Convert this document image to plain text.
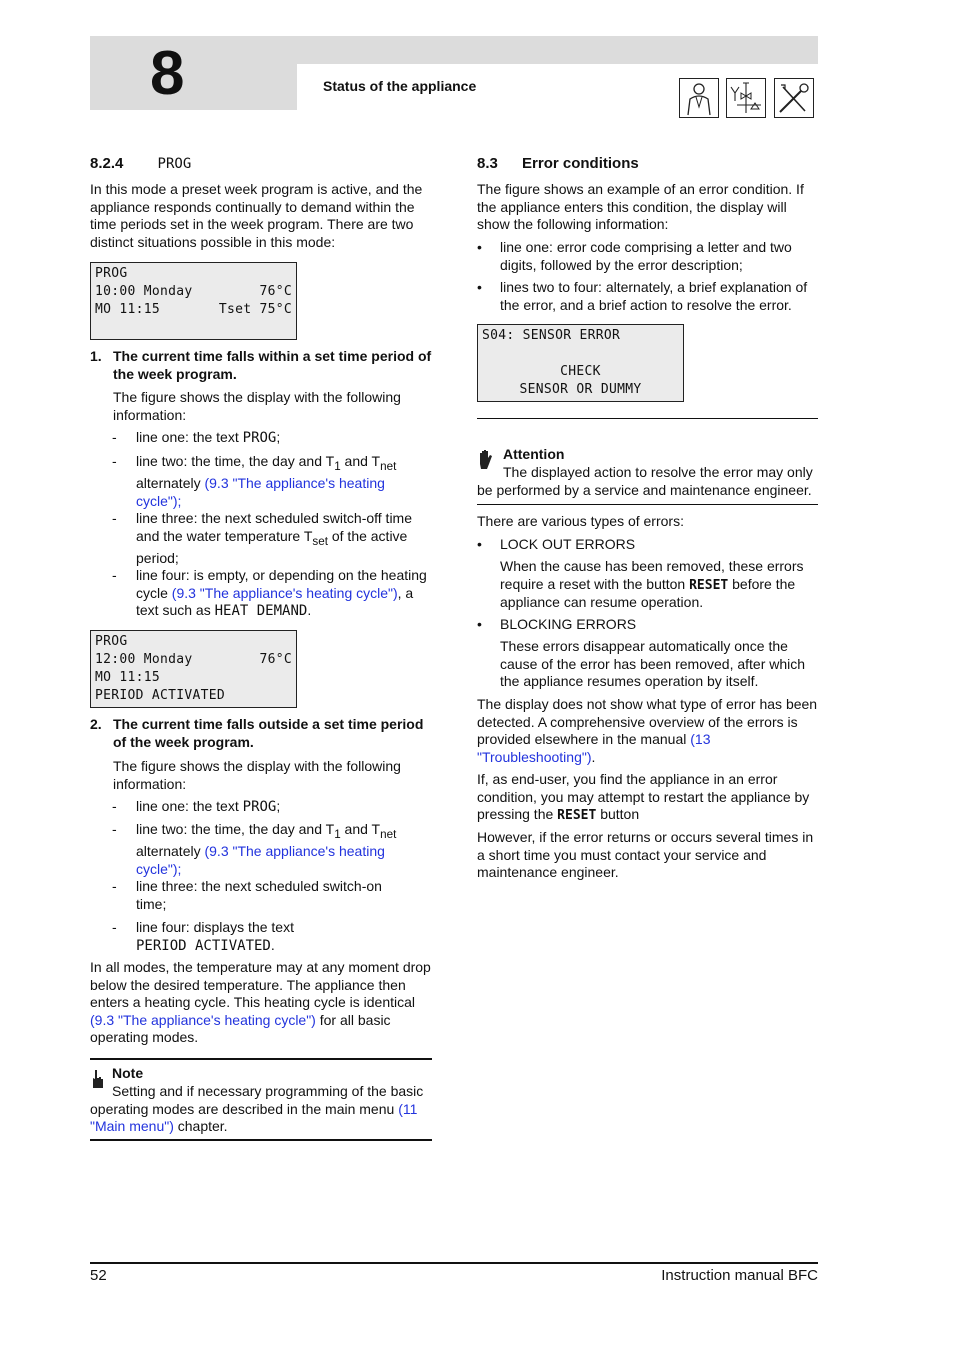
8	Status of the appliance
8.2.4 PROG

In this mode a preset week program is active, and the appliance responds continually to demand within the time periods set in the week program. There are two distinct situations possible in this mode:

PROG
10:00 Monday	76°C
MO 11:15	Tset 75°C
1. The current time falls within a set time period of the week program.

The figure shows the display with the following information:

- line one: the text PROG;

- line two: the time, the day and $T_1$ and $T_{net}$ alternately (9.3 "The appliance's heating cycle");

- line three: the next scheduled switch-off time and the water temperature $T_{set}$ of the active period;

- line four: is empty, or depending on the heating cycle (9.3 "The appliance's heating cycle"), a text such as HEAT DEMAND.

PROG
12:00 Monday	76°C
MO 11:15
PERIOD ACTIVATED
2. The current time falls outside a set time period of the week program.

The figure shows the display with the following information:

- line one: the text PROG;

- line two: the time, the day and $T_1$ and $T_{net}$ alternately (9.3 "The appliance's heating cycle");

- line three: the next scheduled switch-on time;

- line four: displays the text
PERIOD ACTIVATED.

In all modes, the temperature may at any moment drop below the desired temperature. The appliance then enters a heating cycle. This heating cycle is identical (9.3 "The appliance's heating cycle") for all basic operating modes.

Note

Setting and if necessary programming of the basic operating modes are described in the main menu (11 "Main menu") chapter.

8.3 Error conditions

The figure shows an example of an error condition. If the appliance enters this condition, the display will show the following information:

• line one: error code comprising a letter and two digits, followed by the error description;

• lines two to four: alternately, a brief explanation of the error, and a brief action to resolve the error.

S04: SENSOR ERROR
CHECK
SENSOR OR DUMMY
Attention

The displayed action to resolve the error may only be performed by a service and maintenance engineer.

There are various types of errors:

• LOCK OUT ERRORS

When the cause has been removed, these errors require a reset with the button RESET before the appliance can resume operation.

• BLOCKING ERRORS

These errors disappear automatically once the cause of the error has been removed, after which the appliance resumes operation by itself.

The display does not show what type of error has been detected. A comprehensive overview of the errors is provided elsewhere in the manual (13 "Troubleshooting").

If, as end-user, you find the appliance in an error condition, you may attempt to restart the appliance by pressing the RESET button

However, if the error returns or occurs several times in a short time you must contact your service and maintenance engineer.

52	Instruction manual BFC
